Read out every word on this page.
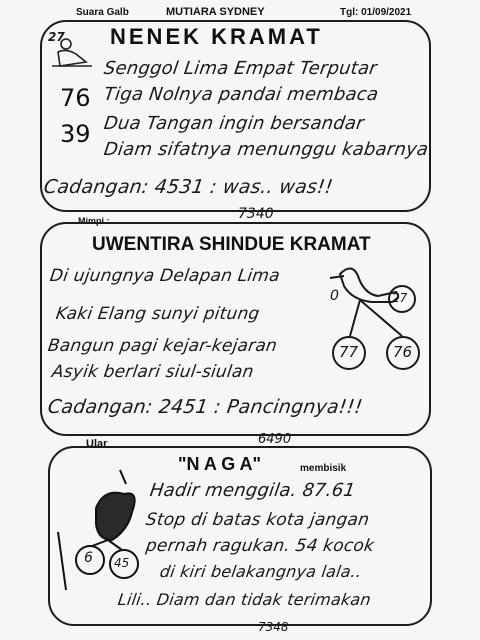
Suara Galb	MUTIARA SYDNEY	Tgl: 01/09/2021
27 NENEK KRAMAT
Senggol Lima Empat Terputar
Tiga Nolnya pandai membaca
Dua Tangan ingin bersandar
Diam sifatnya menunggu kabarnya
76
39
Cadangan: 4531 : was.. was!!
7340
Mimpi :
UWENTIRA SHINDUE KRAMAT
Di ujungnya Delapan Lima
Kaki Elang sunyi pitung
Bangun pagi kejar-kejaran
Asyik berlari siul-siulan
Cadangan: 2451 : Pancingnya!!!
6490
0	27
77 76
Ular
"N A G A"	membisik
6 45
Hadir menggila. 87.61
Stop di batas kota jangan
pernah ragukan. 54 kocok
di kiri belakangnya lala..
Lili.. Diam dan tidak terimakan
7348
